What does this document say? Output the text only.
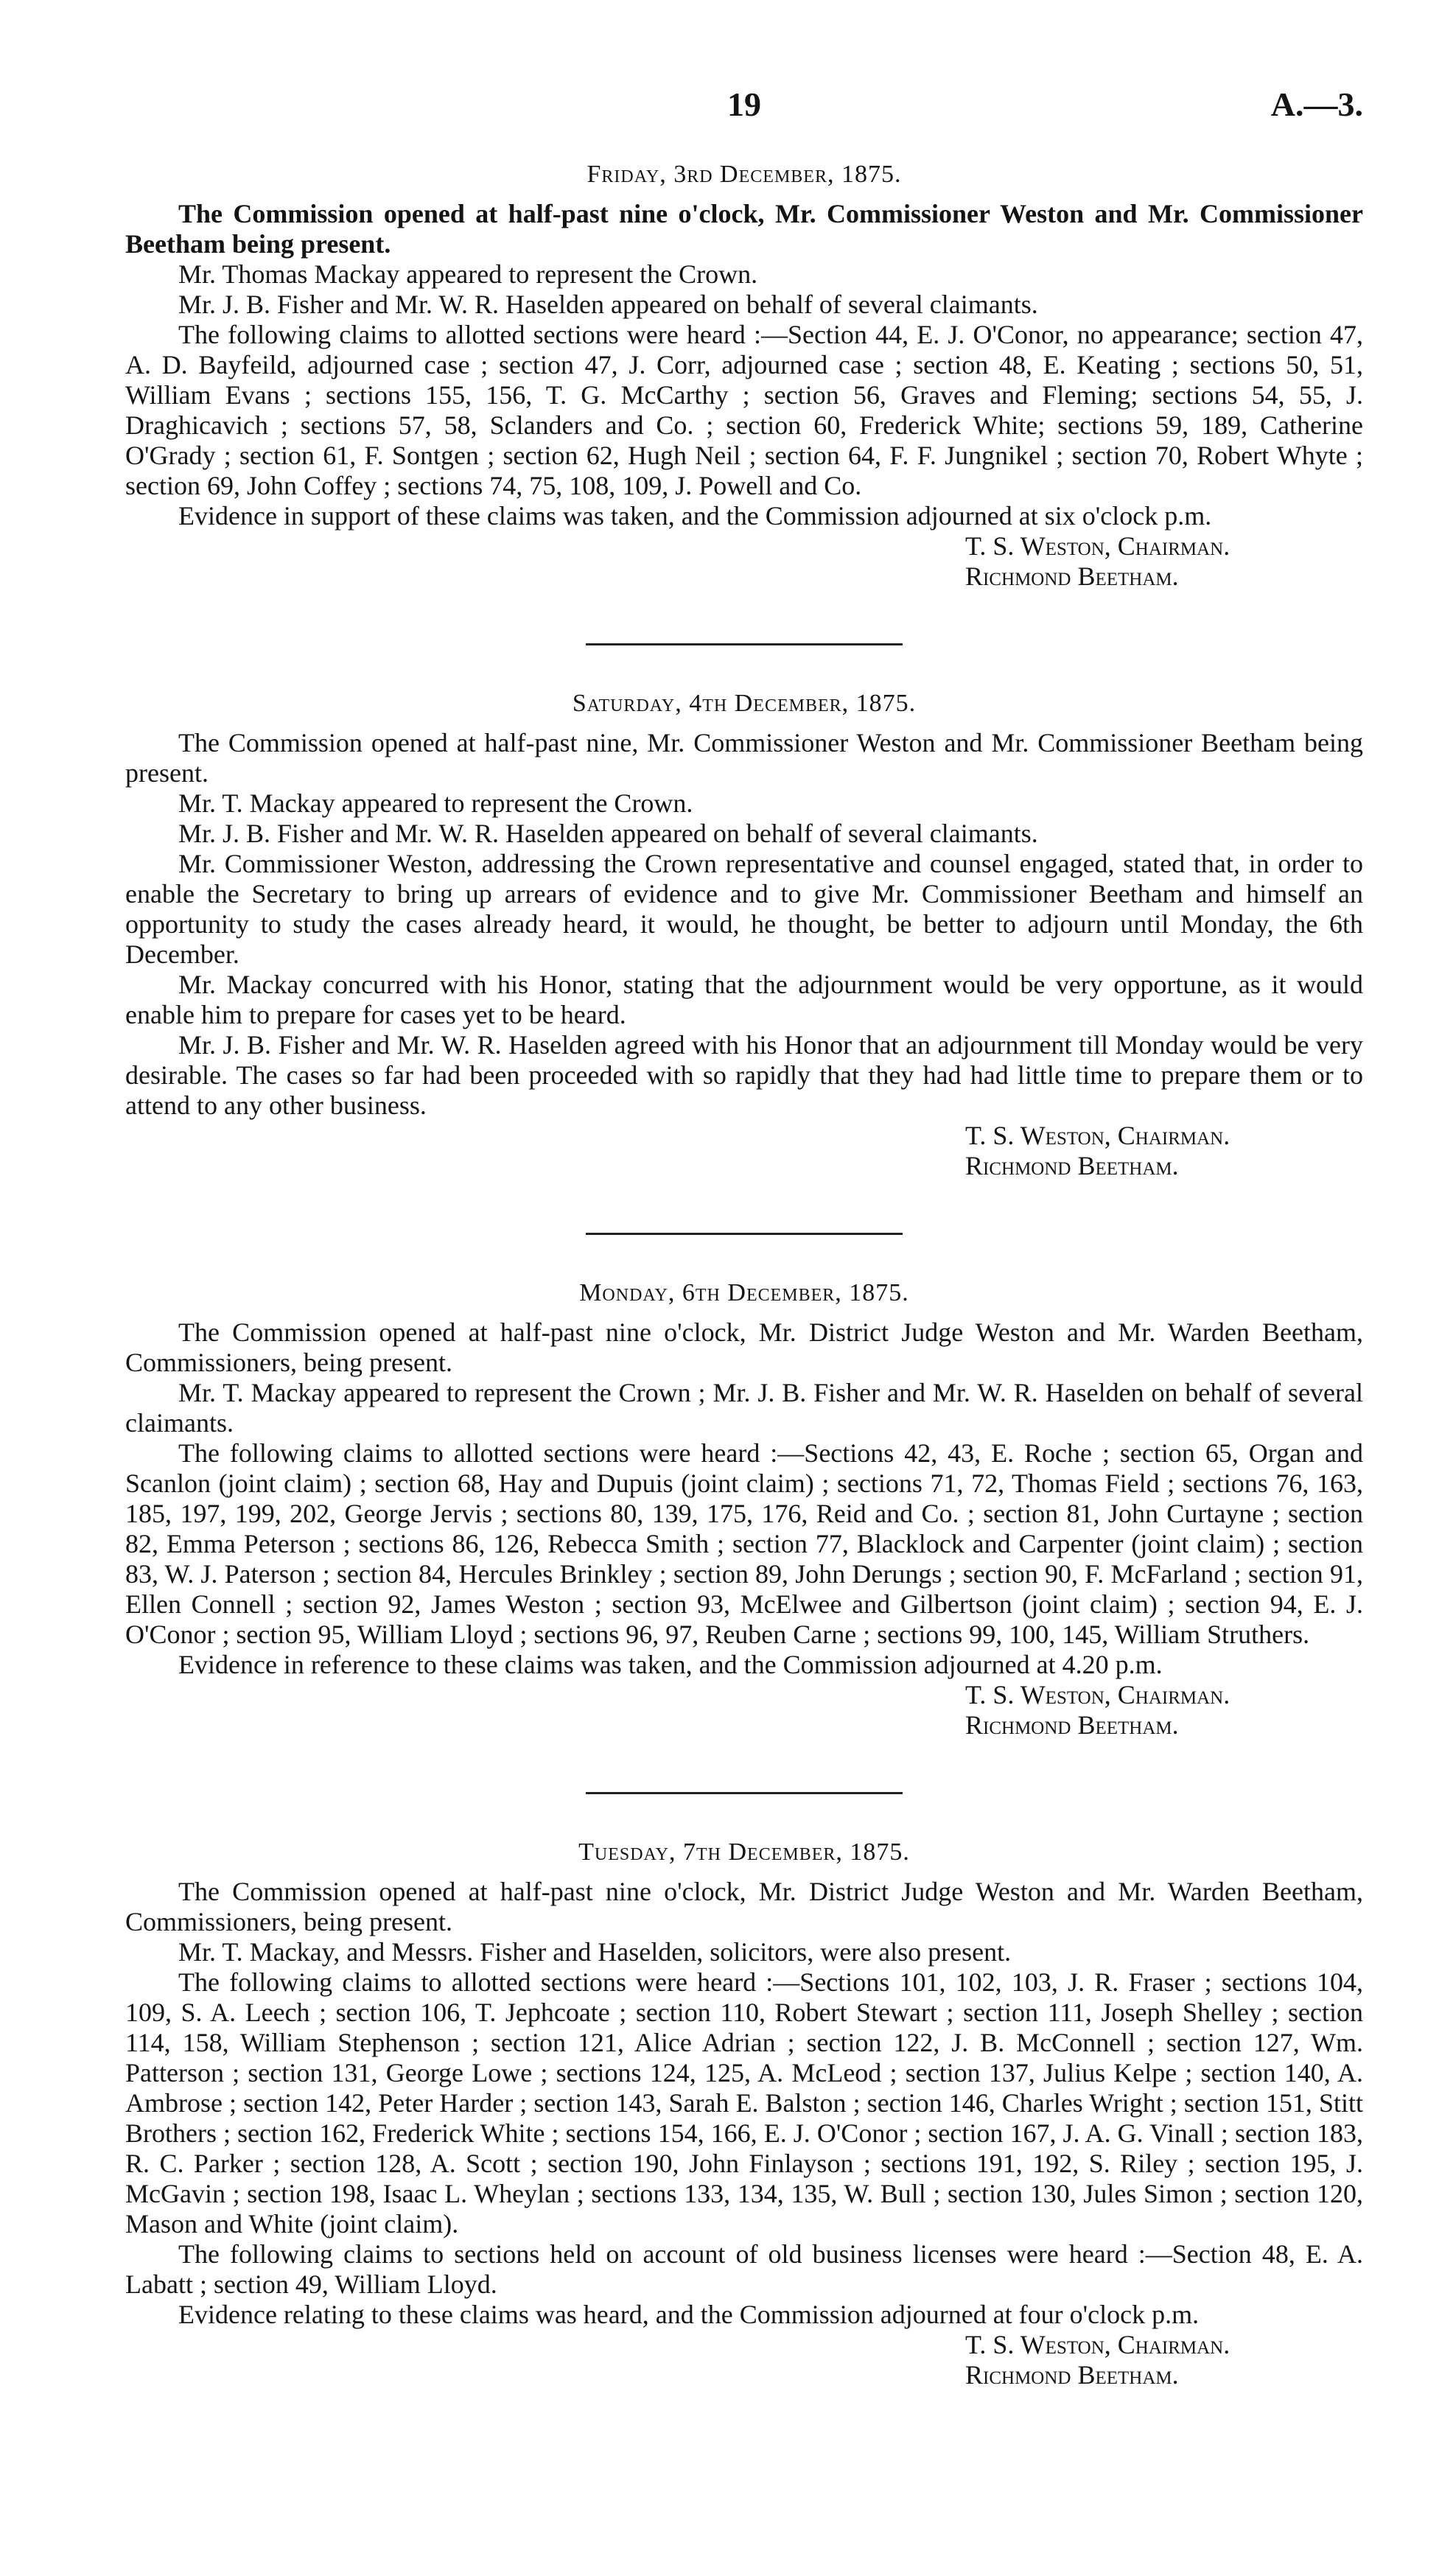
19	A.—3.
Friday, 3rd December, 1875.

The Commission opened at half-past nine o'clock, Mr. Commissioner Weston and Mr. Commissioner Beetham being present.

Mr. Thomas Mackay appeared to represent the Crown.

Mr. J. B. Fisher and Mr. W. R. Haselden appeared on behalf of several claimants.

The following claims to allotted sections were heard :—Section 44, E. J. O'Conor, no appearance; section 47, A. D. Bayfeild, adjourned case ; section 47, J. Corr, adjourned case ; section 48, E. Keating ; sections 50, 51, William Evans ; sections 155, 156, T. G. McCarthy ; section 56, Graves and Fleming; sections 54, 55, J. Draghicavich ; sections 57, 58, Sclanders and Co. ; section 60, Frederick White; sections 59, 189, Catherine O'Grady ; section 61, F. Sontgen ; section 62, Hugh Neil ; section 64, F. F. Jungnikel ; section 70, Robert Whyte ; section 69, John Coffey ; sections 74, 75, 108, 109, J. Powell and Co.

Evidence in support of these claims was taken, and the Commission adjourned at six o'clock p.m.

T. S. Weston, Chairman.
Richmond Beetham.
Saturday, 4th December, 1875.

The Commission opened at half-past nine, Mr. Commissioner Weston and Mr. Commissioner Beetham being present.

Mr. T. Mackay appeared to represent the Crown.

Mr. J. B. Fisher and Mr. W. R. Haselden appeared on behalf of several claimants.

Mr. Commissioner Weston, addressing the Crown representative and counsel engaged, stated that, in order to enable the Secretary to bring up arrears of evidence and to give Mr. Commissioner Beetham and himself an opportunity to study the cases already heard, it would, he thought, be better to adjourn until Monday, the 6th December.

Mr. Mackay concurred with his Honor, stating that the adjournment would be very opportune, as it would enable him to prepare for cases yet to be heard.

Mr. J. B. Fisher and Mr. W. R. Haselden agreed with his Honor that an adjournment till Monday would be very desirable. The cases so far had been proceeded with so rapidly that they had had little time to prepare them or to attend to any other business.

T. S. Weston, Chairman.
Richmond Beetham.
Monday, 6th December, 1875.

The Commission opened at half-past nine o'clock, Mr. District Judge Weston and Mr. Warden Beetham, Commissioners, being present.

Mr. T. Mackay appeared to represent the Crown ; Mr. J. B. Fisher and Mr. W. R. Haselden on behalf of several claimants.

The following claims to allotted sections were heard :—Sections 42, 43, E. Roche ; section 65, Organ and Scanlon (joint claim) ; section 68, Hay and Dupuis (joint claim) ; sections 71, 72, Thomas Field ; sections 76, 163, 185, 197, 199, 202, George Jervis ; sections 80, 139, 175, 176, Reid and Co. ; section 81, John Curtayne ; section 82, Emma Peterson ; sections 86, 126, Rebecca Smith ; section 77, Blacklock and Carpenter (joint claim) ; section 83, W. J. Paterson ; section 84, Hercules Brinkley ; section 89, John Derungs ; section 90, F. McFarland ; section 91, Ellen Connell ; section 92, James Weston ; section 93, McElwee and Gilbertson (joint claim) ; section 94, E. J. O'Conor ; section 95, William Lloyd ; sections 96, 97, Reuben Carne ; sections 99, 100, 145, William Struthers.

Evidence in reference to these claims was taken, and the Commission adjourned at 4.20 p.m.

T. S. Weston, Chairman.
Richmond Beetham.
Tuesday, 7th December, 1875.

The Commission opened at half-past nine o'clock, Mr. District Judge Weston and Mr. Warden Beetham, Commissioners, being present.

Mr. T. Mackay, and Messrs. Fisher and Haselden, solicitors, were also present.

The following claims to allotted sections were heard :—Sections 101, 102, 103, J. R. Fraser ; sections 104, 109, S. A. Leech ; section 106, T. Jephcoate ; section 110, Robert Stewart ; section 111, Joseph Shelley ; section 114, 158, William Stephenson ; section 121, Alice Adrian ; section 122, J. B. McConnell ; section 127, Wm. Patterson ; section 131, George Lowe ; sections 124, 125, A. McLeod ; section 137, Julius Kelpe ; section 140, A. Ambrose ; section 142, Peter Harder ; section 143, Sarah E. Balston ; section 146, Charles Wright ; section 151, Stitt Brothers ; section 162, Frederick White ; sections 154, 166, E. J. O'Conor ; section 167, J. A. G. Vinall ; section 183, R. C. Parker ; section 128, A. Scott ; section 190, John Finlayson ; sections 191, 192, S. Riley ; section 195, J. McGavin ; section 198, Isaac L. Wheylan ; sections 133, 134, 135, W. Bull ; section 130, Jules Simon ; section 120, Mason and White (joint claim).

The following claims to sections held on account of old business licenses were heard :—Section 48, E. A. Labatt ; section 49, William Lloyd.

Evidence relating to these claims was heard, and the Commission adjourned at four o'clock p.m.

T. S. Weston, Chairman.
Richmond Beetham.
